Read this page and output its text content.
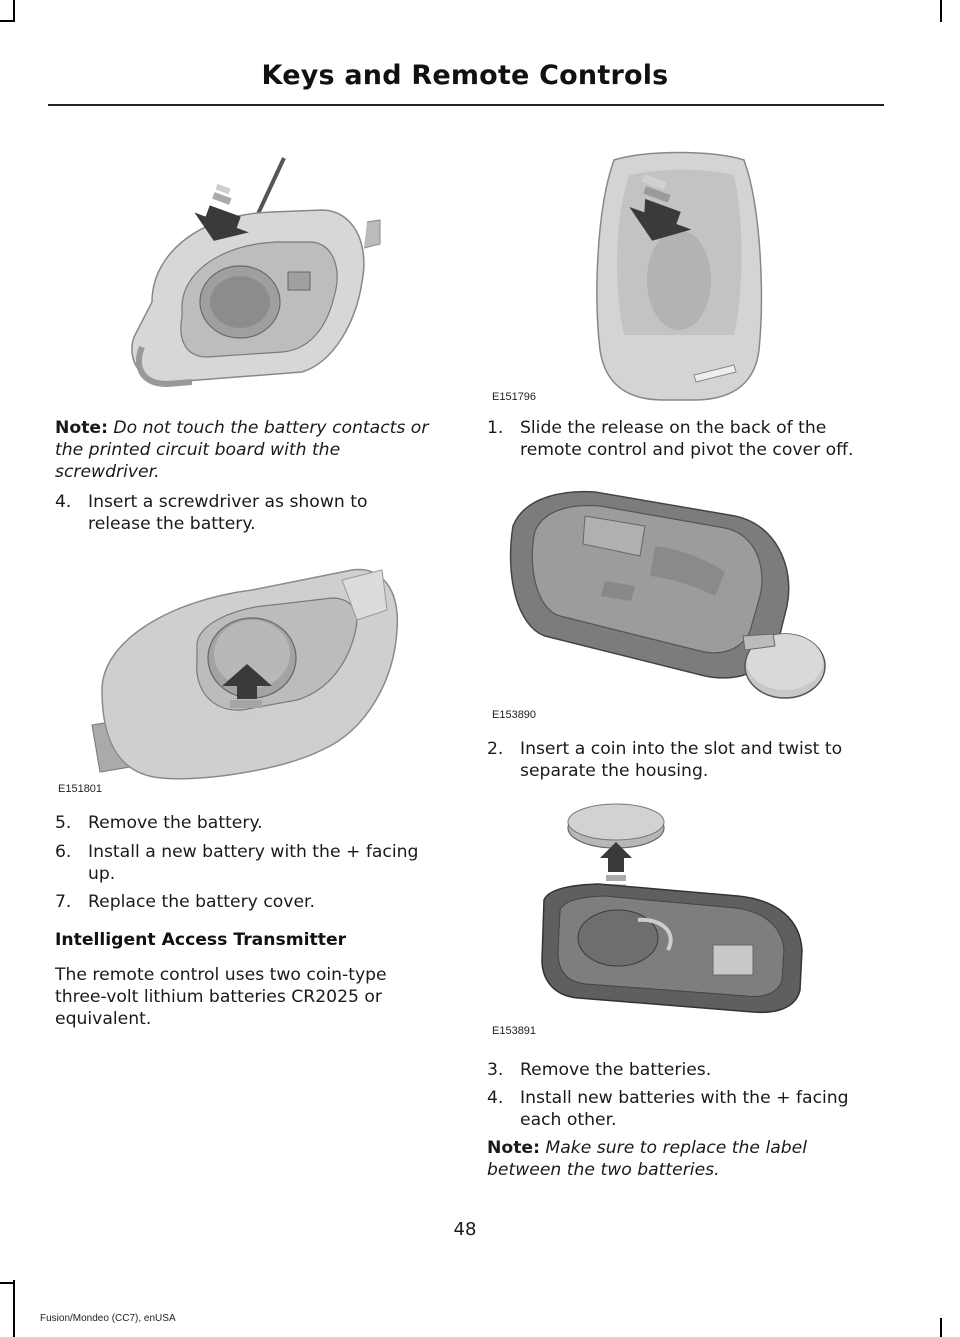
Keys and Remote Controls
E151796
Note: Do not touch the battery contacts or
the printed circuit board with the
screwdriver.
4. Insert a screwdriver as shown to
release the battery.
E151801
5. Remove the battery.
6. Install a new battery with the + facing
up.
7. Replace the battery cover.
Intelligent Access Transmitter
The remote control uses two coin-type
three-volt lithium batteries CR2025 or
equivalent.
1. Slide the release on the back of the
remote control and pivot the cover off.
E153890
2. Insert a coin into the slot and twist to
separate the housing.
E153891
3. Remove the batteries.
4. Install new batteries with the + facing
each other.
Note: Make sure to replace the label
between the two batteries.
48
Fusion/Mondeo (CC7), enUSA
